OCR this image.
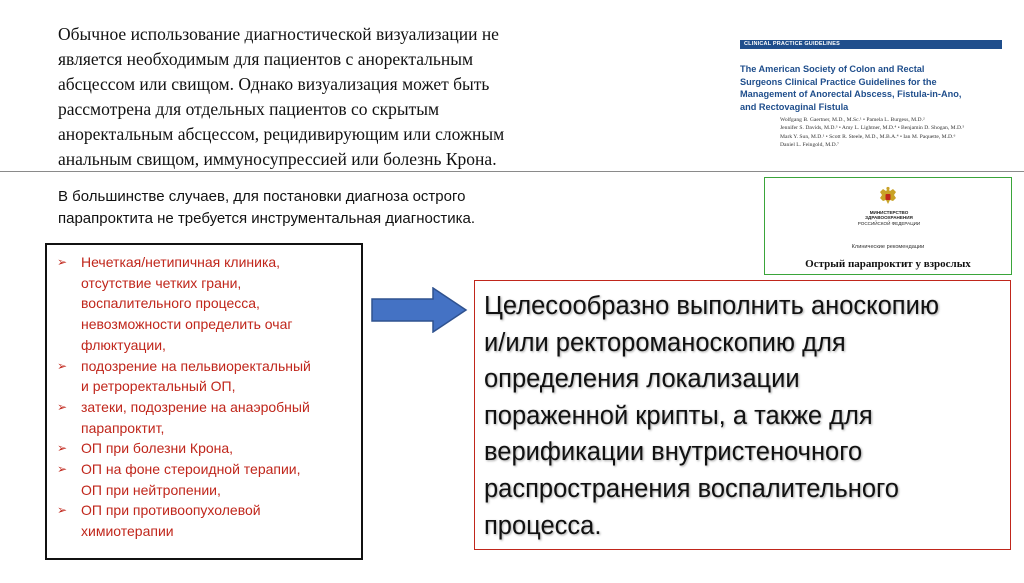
Обычное использование диагностической визуализации не
является необходимым для пациентов с аноректальным
абсцессом или свищом. Однако визуализация может быть
рассмотрена для отдельных пациентов со скрытым
аноректальным абсцессом, рецидивирующим или сложным
анальным свищом, иммуносупрессией или болезнь Крона.
CLINICAL PRACTICE GUIDELINES
The American Society of Colon and Rectal
Surgeons Clinical Practice Guidelines for the
Management of Anorectal Abscess, Fistula-in-Ano,
and Rectovaginal Fistula
Wolfgang B. Gaertner, M.D., M.Sc.¹ • Pamela L. Burgess, M.D.²
Jennifer S. Davids, M.D.³ • Amy L. Lightner, M.D.⁴ • Benjamin D. Shogan, M.D.⁵
Mark Y. Sun, M.D.¹ • Scott R. Steele, M.D., M.B.A.⁴ • Ian M. Paquette, M.D.⁶
Daniel L. Feingold, M.D.⁷
МИНИСТЕРСТВО
ЗДРАВООХРАНЕНИЯ
РОССИЙСКОЙ ФЕДЕРАЦИИ
Клинические рекомендации
Острый парапроктит у взрослых
В большинстве случаев, для постановки диагноза острого
парапроктита не требуется инструментальная диагностика.
➢ Нечеткая/нетипичная клиника,
отсутствие четких грани,
воспалительного процесса,
невозможности определить очаг
флюктуации,
➢ подозрение на пельвиоректальный
и ретроректальный ОП,
➢ затеки, подозрение на анаэробный
парапроктит,
➢ ОП при болезни Крона,
➢ ОП на фоне стероидной терапии,
ОП при нейтропении,
➢ ОП при противоопухолевой
химиотерапии
Целесообразно выполнить аноскопию
и/или ректороманоскопию для
определения локализации
пораженной крипты, а также для
верификации внутристеночного
распространения воспалительного
процесса.
